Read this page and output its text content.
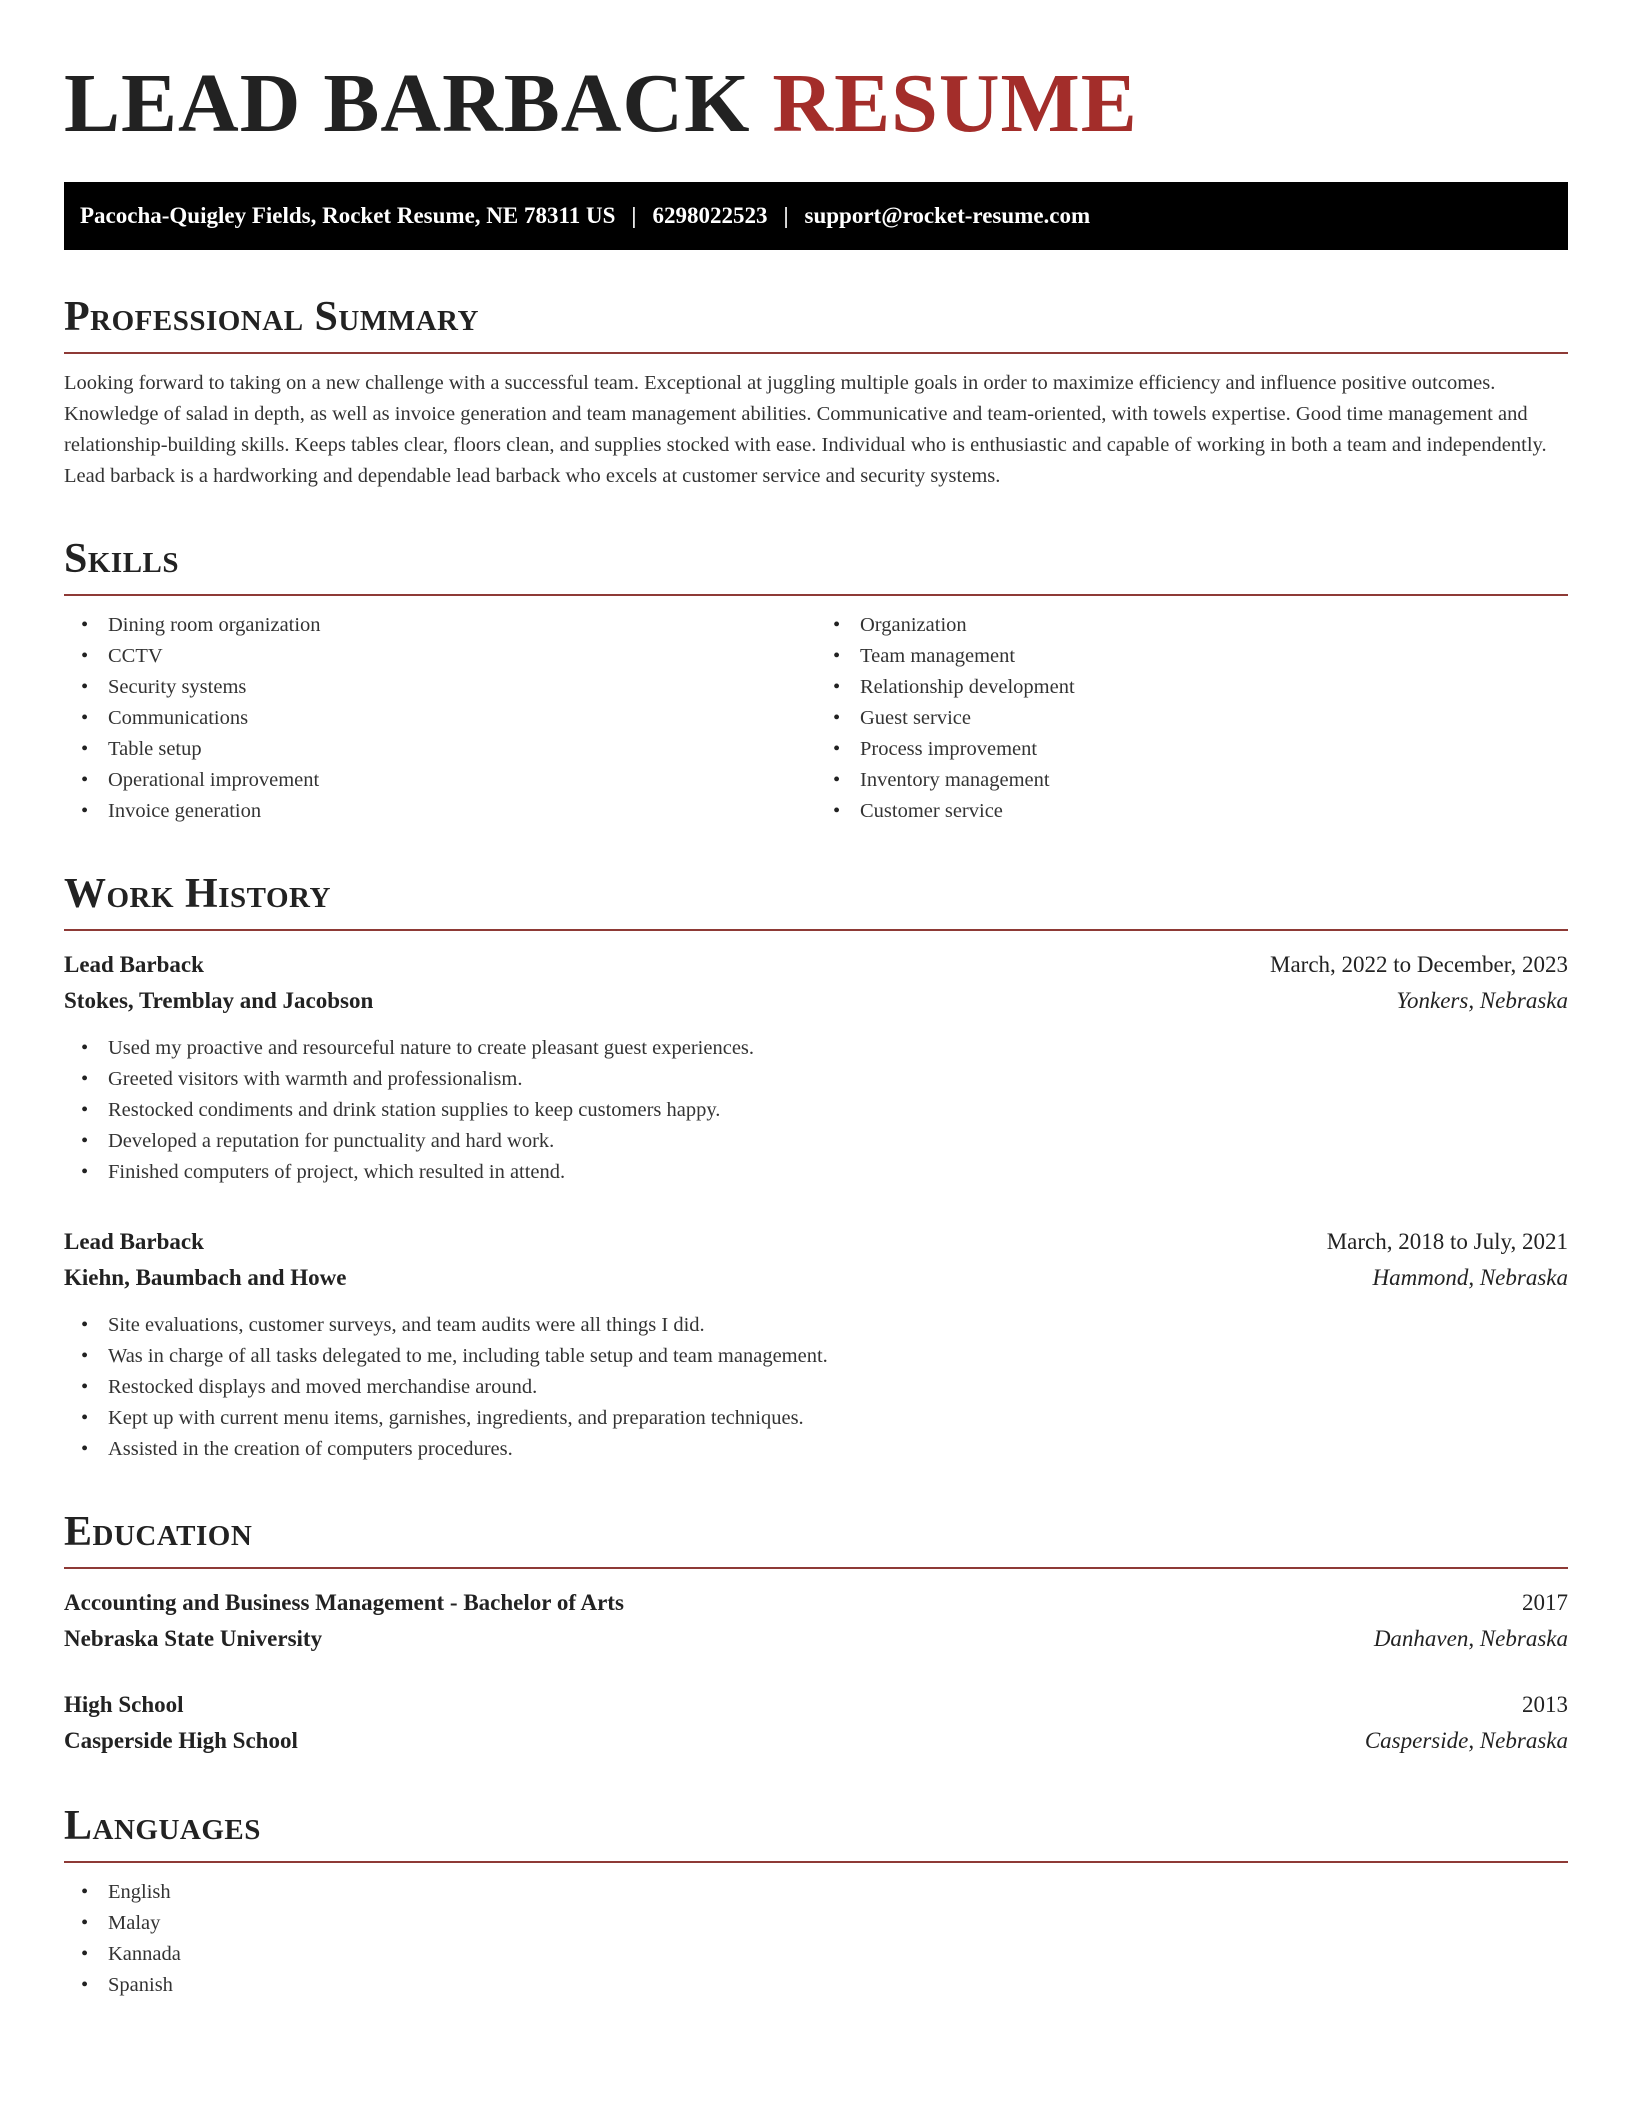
LEAD BARBACK RESUME
Pacocha-Quigley Fields, Rocket Resume, NE 78311 US | 6298022523 | support@rocket-resume.com
Professional Summary

Looking forward to taking on a new challenge with a successful team. Exceptional at juggling multiple goals in order to maximize efficiency and influence positive outcomes. Knowledge of salad in depth, as well as invoice generation and team management abilities. Communicative and team-oriented, with towels expertise. Good time management and relationship-building skills. Keeps tables clear, floors clean, and supplies stocked with ease. Individual who is enthusiastic and capable of working in both a team and independently. Lead barback is a hardworking and dependable lead barback who excels at customer service and security systems.

Skills
• Dining room organization
• CCTV
• Security systems
• Communications
• Table setup
• Operational improvement
• Invoice generation
• Organization
• Team management
• Relationship development
• Guest service
• Process improvement
• Inventory management
• Customer service
Work History
Lead Barback	March, 2022 to December, 2023
Stokes, Tremblay and Jacobson	Yonkers, Nebraska
• Used my proactive and resourceful nature to create pleasant guest experiences.
• Greeted visitors with warmth and professionalism.
• Restocked condiments and drink station supplies to keep customers happy.
• Developed a reputation for punctuality and hard work.
• Finished computers of project, which resulted in attend.
Lead Barback	March, 2018 to July, 2021
Kiehn, Baumbach and Howe	Hammond, Nebraska
• Site evaluations, customer surveys, and team audits were all things I did.
• Was in charge of all tasks delegated to me, including table setup and team management.
• Restocked displays and moved merchandise around.
• Kept up with current menu items, garnishes, ingredients, and preparation techniques.
• Assisted in the creation of computers procedures.
Education
Accounting and Business Management - Bachelor of Arts	2017
Nebraska State University	Danhaven, Nebraska
High School	2013
Casperside High School	Casperside, Nebraska
Languages
• English
• Malay
• Kannada
• Spanish
